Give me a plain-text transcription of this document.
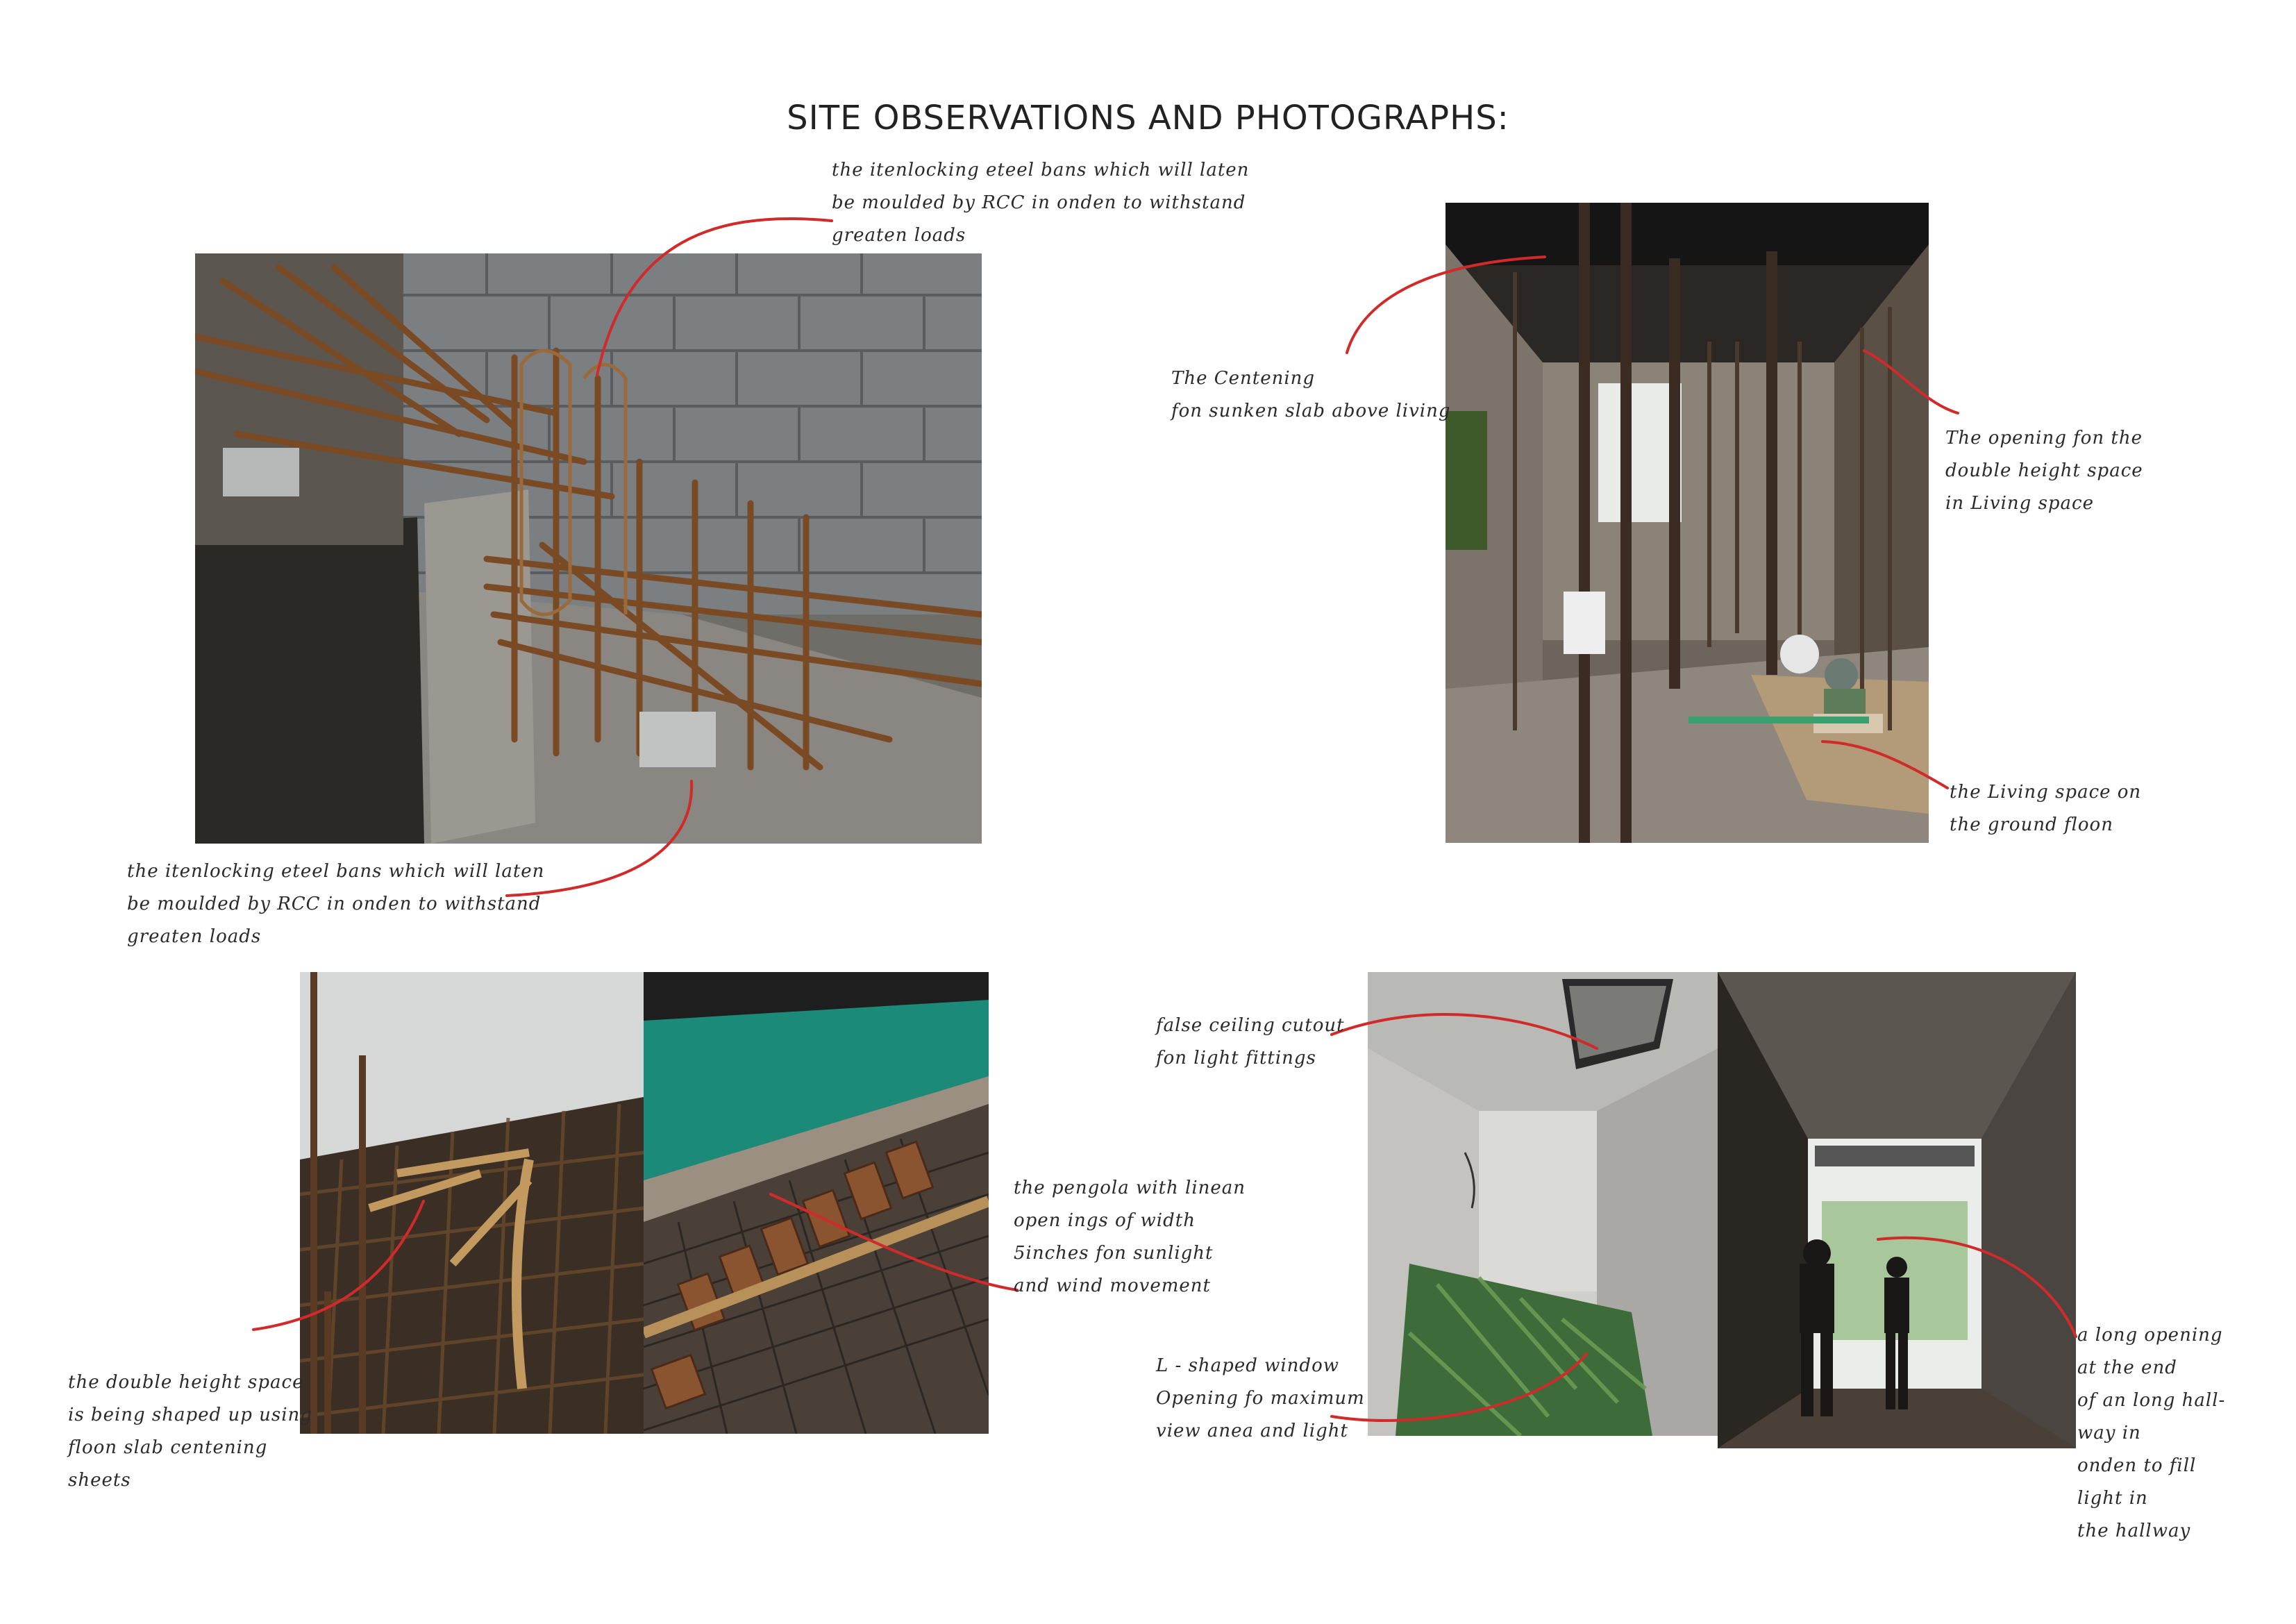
SITE OBSERVATIONS AND PHOTOGRAPHS:
the itenlocking eteel bans which will laten
be moulded by RCC in onden to withstand
greaten loads
the itenlocking eteel bans which will laten
be moulded by RCC in onden to withstand
greaten loads
The Centening
fon sunken slab above living
The opening fon the
double height space
in Living space
the Living space on
the ground floon
the pengola with linean
open ings of width
5inches fon sunlight
and wind movement
the double height space
is being shaped up using
floon slab centening
sheets
false ceiling cutout
fon light fittings
L - shaped window
Opening fo maximum
view anea and light
a long opening
at the end
of an long hall-
way in
onden to fill
light in
the hallway
